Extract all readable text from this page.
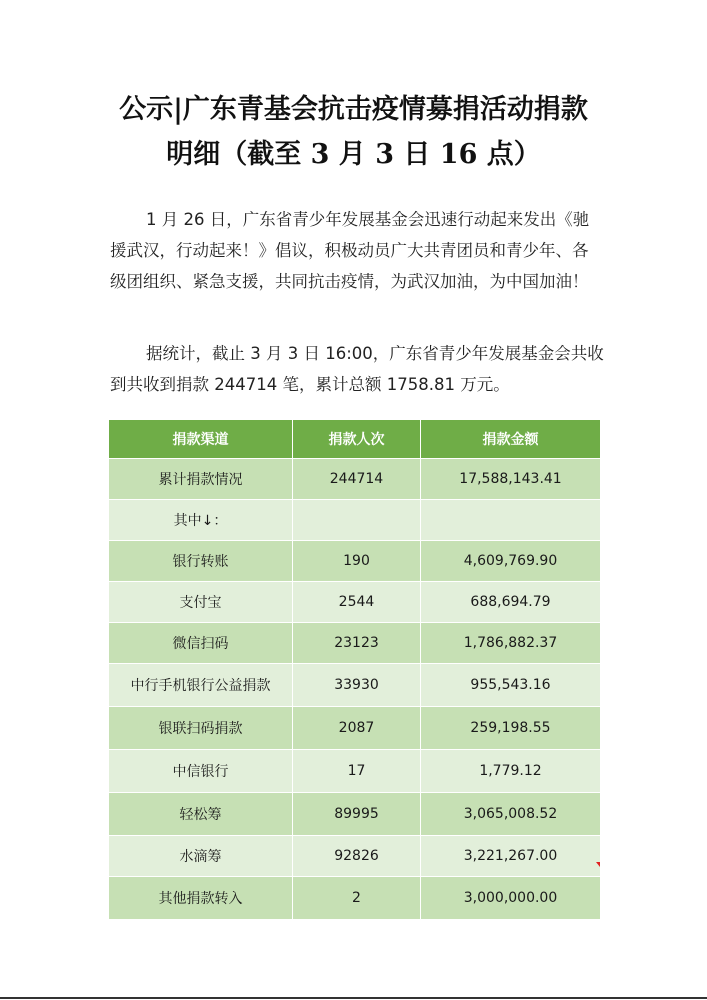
公示|广东青基会抗击疫情募捐活动捐款
明细（截至 3 月 3 日 16 点）

1 月 26 日，广东省青少年发展基金会迅速行动起来发出《驰援武汉，行动起来！》倡议，积极动员广大共青团员和青少年、各级团组织、紧急支援，共同抗击疫情，为武汉加油，为中国加油！

据统计，截止 3 月 3 日 16:00，广东省青少年发展基金会共收到共收到捐款 244714 笔，累计总额 1758.81 万元。

捐款渠道	捐款人次	捐款金额
累计捐款情况	244714	17,588,143.41
其中↓：		
银行转账	190	4,609,769.90
支付宝	2544	688,694.79
微信扫码	23123	1,786,882.37
中行手机银行公益捐款	33930	955,543.16
银联扫码捐款	2087	259,198.55
中信银行	17	1,779.12
轻松筹	89995	3,065,008.52
水滴筹	92826	3,221,267.00
其他捐款转入	2	3,000,000.00
